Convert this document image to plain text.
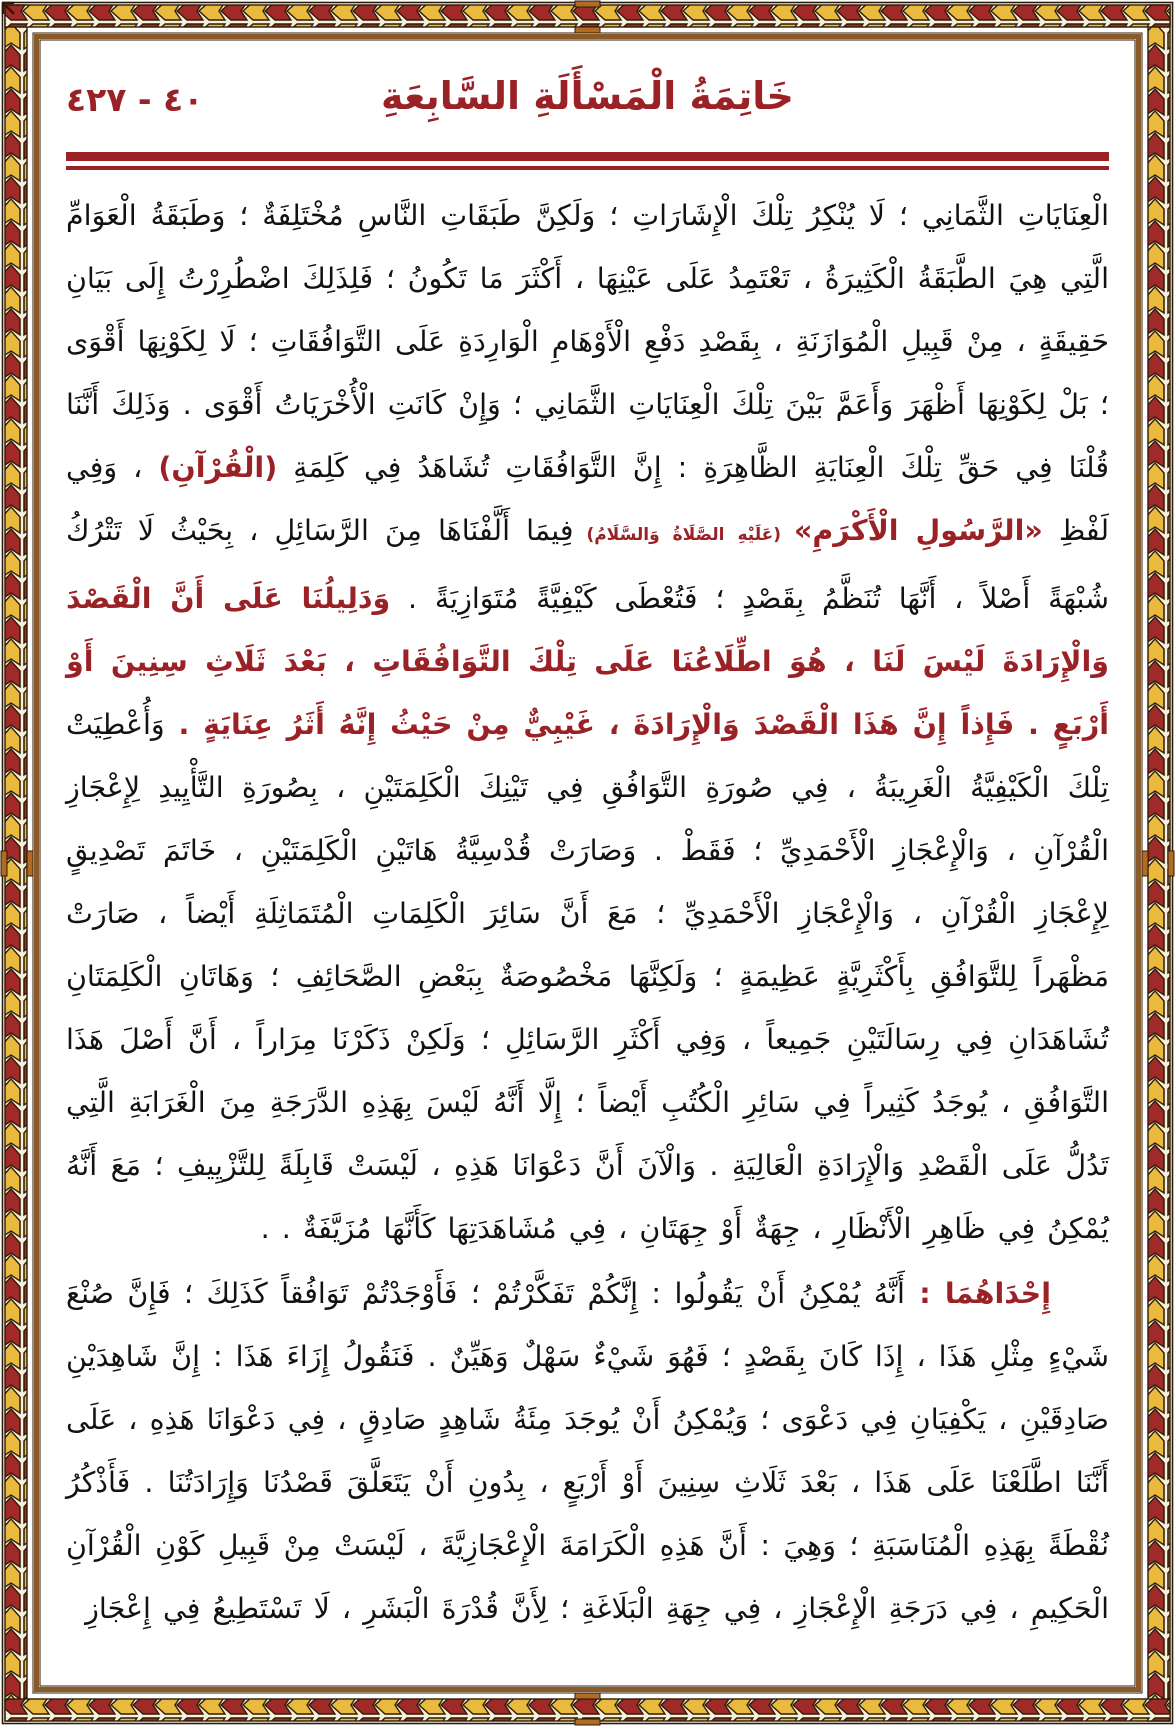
٤٠ - ٤٢٧	خَاتِمَةُ الْمَسْأَلَةِ السَّابِعَةِ

الْعِنَايَاتِ الثَّمَانِي ؛ لَا يُنْكِرُ تِلْكَ الْإِشَارَاتِ ؛ وَلَكِنَّ طَبَقَاتِ النَّاسِ مُخْتَلِفَةٌ ؛ وَطَبَقَةُ الْعَوَامِّ الَّتِي هِيَ الطَّبَقَةُ الْكَثِيرَةُ ، تَعْتَمِدُ عَلَى عَيْنِهَا ، أَكْثَرَ مَا تَكُونُ ؛ فَلِذَلِكَ اضْطُرِرْتُ إِلَى بَيَانِ حَقِيقَةٍ ، مِنْ قَبِيلِ الْمُوَازَنَةِ ، بِقَصْدِ دَفْعِ الْأَوْهَامِ الْوَارِدَةِ عَلَى التَّوَافُقَاتِ ؛ لَا لِكَوْنِهَا أَقْوَى ؛ بَلْ لِكَوْنِهَا أَظْهَرَ وَأَعَمَّ بَيْنَ تِلْكَ الْعِنَايَاتِ الثَّمَانِي ؛ وَإِنْ كَانَتِ الْأُخْرَيَاتُ أَقْوَى . وَذَلِكَ أَنَّنَا قُلْنَا فِي حَقِّ تِلْكَ الْعِنَايَةِ الظَّاهِرَةِ : إِنَّ التَّوَافُقَاتِ تُشَاهَدُ فِي كَلِمَةِ (الْقُرْآنِ) ، وَفِي لَفْظِ «الرَّسُولِ الْأَكْرَمِ» (عَلَيْهِ الصَّلَاةُ وَالسَّلَامُ) فِيمَا أَلَّفْنَاهَا مِنَ الرَّسَائِلِ ، بِحَيْثُ لَا تَتْرُكُ شُبْهَةً أَصْلاً ، أَنَّهَا تُنَظَّمُ بِقَصْدٍ ؛ فَتُعْطَى كَيْفِيَّةً مُتَوَازِيَةً . وَدَلِيلُنَا عَلَى أَنَّ الْقَصْدَ وَالْإِرَادَةَ لَيْسَ لَنَا ، هُوَ اطِّلَاعُنَا عَلَى تِلْكَ التَّوَافُقَاتِ ، بَعْدَ ثَلَاثِ سِنِينَ أَوْ أَرْبَعٍ . فَإِذاً إِنَّ هَذَا الْقَصْدَ وَالْإِرَادَةَ ، غَيْبِيٌّ مِنْ حَيْثُ إِنَّهُ أَثَرُ عِنَايَةٍ . وَأُعْطِيَتْ تِلْكَ الْكَيْفِيَّةُ الْغَرِيبَةُ ، فِي صُورَةِ التَّوَافُقِ فِي تَيْنِكَ الْكَلِمَتَيْنِ ، بِصُورَةِ التَّأْيِيدِ لِإِعْجَازِ الْقُرْآنِ ، وَالْإِعْجَازِ الْأَحْمَدِيِّ ؛ فَقَطْ . وَصَارَتْ قُدْسِيَّةُ هَاتَيْنِ الْكَلِمَتَيْنِ ، خَاتَمَ تَصْدِيقٍ لِإِعْجَازِ الْقُرْآنِ ، وَالْإِعْجَازِ الْأَحْمَدِيِّ ؛ مَعَ أَنَّ سَائِرَ الْكَلِمَاتِ الْمُتَمَاثِلَةِ أَيْضاً ، صَارَتْ مَظْهَراً لِلتَّوَافُقِ بِأَكْثَرِيَّةٍ عَظِيمَةٍ ؛ وَلَكِنَّهَا مَخْصُوصَةٌ بِبَعْضِ الصَّحَائِفِ ؛ وَهَاتَانِ الْكَلِمَتَانِ تُشَاهَدَانِ فِي رِسَالَتَيْنِ جَمِيعاً ، وَفِي أَكْثَرِ الرَّسَائِلِ ؛ وَلَكِنْ ذَكَرْنَا مِرَاراً ، أَنَّ أَصْلَ هَذَا التَّوَافُقِ ، يُوجَدُ كَثِيراً فِي سَائِرِ الْكُتُبِ أَيْضاً ؛ إِلَّا أَنَّهُ لَيْسَ بِهَذِهِ الدَّرَجَةِ مِنَ الْغَرَابَةِ الَّتِي تَدُلُّ عَلَى الْقَصْدِ وَالْإِرَادَةِ الْعَالِيَةِ . وَالْآنَ أَنَّ دَعْوَانَا هَذِهِ ، لَيْسَتْ قَابِلَةً لِلتَّزْيِيفِ ؛ مَعَ أَنَّهُ يُمْكِنُ فِي ظَاهِرِ الْأَنْظَارِ ، جِهَةٌ أَوْ جِهَتَانِ ، فِي مُشَاهَدَتِهَا كَأَنَّهَا مُزَيَّفَةٌ . .

إِحْدَاهُمَا : أَنَّهُ يُمْكِنُ أَنْ يَقُولُوا : إِنَّكُمْ تَفَكَّرْتُمْ ؛ فَأَوْجَدْتُمْ تَوَافُقاً كَذَلِكَ ؛ فَإِنَّ صُنْعَ شَيْءٍ مِثْلِ هَذَا ، إِذَا كَانَ بِقَصْدٍ ؛ فَهُوَ شَيْءٌ سَهْلٌ وَهَيِّنٌ . فَنَقُولُ إِزَاءَ هَذَا : إِنَّ شَاهِدَيْنِ صَادِقَيْنِ ، يَكْفِيَانِ فِي دَعْوَى ؛ وَيُمْكِنُ أَنْ يُوجَدَ مِئَةُ شَاهِدٍ صَادِقٍ ، فِي دَعْوَانَا هَذِهِ ، عَلَى أَنَّنَا اطَّلَعْنَا عَلَى هَذَا ، بَعْدَ ثَلَاثِ سِنِينَ أَوْ أَرْبَعٍ ، بِدُونِ أَنْ يَتَعَلَّقَ قَصْدُنَا وَإِرَادَتُنَا . فَأَذْكُرُ نُقْطَةً بِهَذِهِ الْمُنَاسَبَةِ ؛ وَهِيَ : أَنَّ هَذِهِ الْكَرَامَةَ الْإِعْجَازِيَّةَ ، لَيْسَتْ مِنْ قَبِيلِ كَوْنِ الْقُرْآنِ الْحَكِيمِ ، فِي دَرَجَةِ الْإِعْجَازِ ، فِي جِهَةِ الْبَلَاغَةِ ؛ لِأَنَّ قُدْرَةَ الْبَشَرِ ، لَا تَسْتَطِيعُ فِي إِعْجَازِ
